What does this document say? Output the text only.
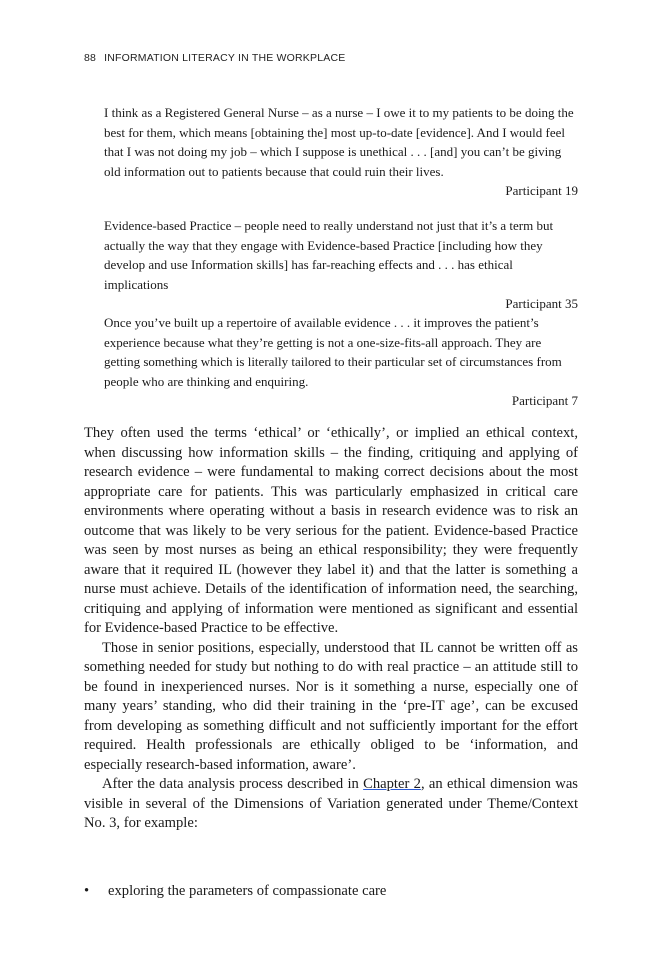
88 INFORMATION LITERACY IN THE WORKPLACE
I think as a Registered General Nurse – as a nurse – I owe it to my patients to be doing the best for them, which means [obtaining the] most up-to-date [evidence]. And I would feel that I was not doing my job – which I suppose is unethical . . . [and] you can’t be giving old information out to patients because that could ruin their lives.
Participant 19
Evidence-based Practice – people need to really understand not just that it’s a term but actually the way that they engage with Evidence-based Practice [including how they develop and use Information skills] has far-reaching effects and . . . has ethical implications
Participant 35
Once you’ve built up a repertoire of available evidence . . . it improves the patient’s experience because what they’re getting is not a one-size-fits-all approach. They are getting something which is literally tailored to their particular set of circumstances from people who are thinking and enquiring.
Participant 7

They often used the terms ‘ethical’ or ‘ethically’, or implied an ethical context, when discussing how information skills – the finding, critiquing and applying of research evidence – were fundamental to making correct decisions about the most appropriate care for patients. This was particularly emphasized in critical care environments where operating without a basis in research evidence was to risk an outcome that was likely to be very serious for the patient. Evidence-based Practice was seen by most nurses as being an ethical responsibility; they were frequently aware that it required IL (however they label it) and that the latter is something a nurse must achieve. Details of the identification of information need, the searching, critiquing and applying of information were mentioned as significant and essential for Evidence-based Practice to be effective.

Those in senior positions, especially, understood that IL cannot be written off as something needed for study but nothing to do with real practice – an attitude still to be found in inexperienced nurses. Nor is it something a nurse, especially one of many years’ standing, who did their training in the ‘pre-IT age’, can be excused from developing as something difficult and not sufficiently important for the effort required. Health professionals are ethically obliged to be ‘information, and especially research-based information, aware’.

After the data analysis process described in Chapter 2, an ethical dimension was visible in several of the Dimensions of Variation generated under Theme/Context No. 3, for example:

• exploring the parameters of compassionate care
